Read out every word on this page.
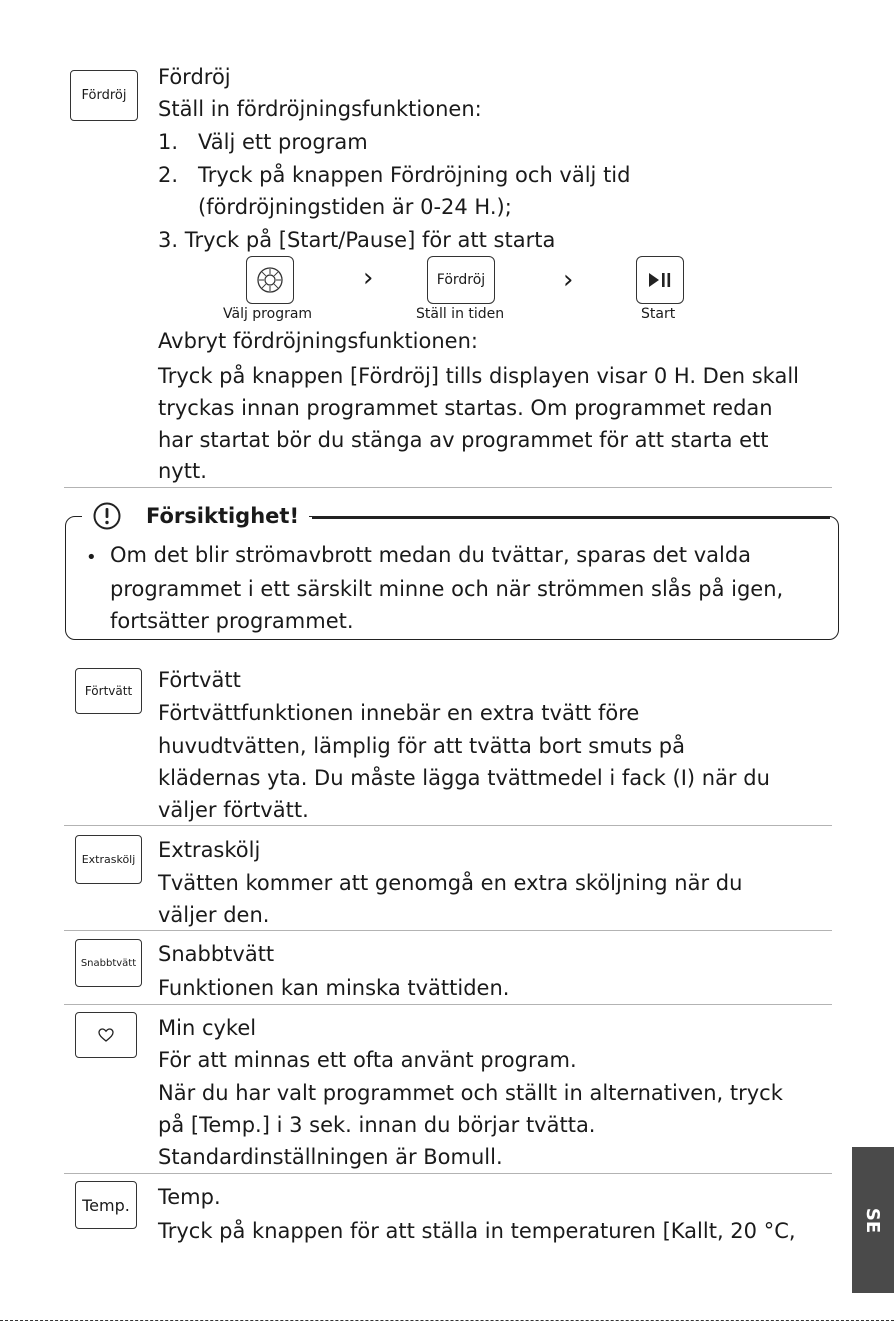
Fördröj
Fördröj
Ställ in fördröjningsfunktionen:
1. Välj ett program
2. Tryck på knappen Fördröjning och välj tid
(fördröjningstiden är 0-24 H.);
3. Tryck på [Start/Pause] för att starta
Välj program
›	Fördröj
Ställ in tiden
›
Start
Avbryt fördröjningsfunktionen:
Tryck på knappen [Fördröj] tills displayen visar 0 H. Den skall
tryckas innan programmet startas. Om programmet redan
har startat bör du stänga av programmet för att starta ett
nytt.
Försiktighet!
• Om det blir strömavbrott medan du tvättar, sparas det valda
programmet i ett särskilt minne och när strömmen slås på igen,
fortsätter programmet.
Förtvätt	Förtvätt
Förtvättfunktionen innebär en extra tvätt före
huvudtvätten, lämplig för att tvätta bort smuts på
klädernas yta. Du måste lägga tvättmedel i fack (I) när du
väljer förtvätt.
Extraskölj	Extraskölj
Tvätten kommer att genomgå en extra sköljning när du
väljer den.
Snabbtvätt Snabbtvätt
Funktionen kan minska tvättiden.
Min cykel
För att minnas ett ofta använt program.
När du har valt programmet och ställt in alternativen, tryck
på [Temp.] i 3 sek. innan du börjar tvätta.
Standardinställningen är Bomull.
Temp.	Temp.
Tryck på knappen för att ställa in temperaturen [Kallt, 20 °C,	SE
